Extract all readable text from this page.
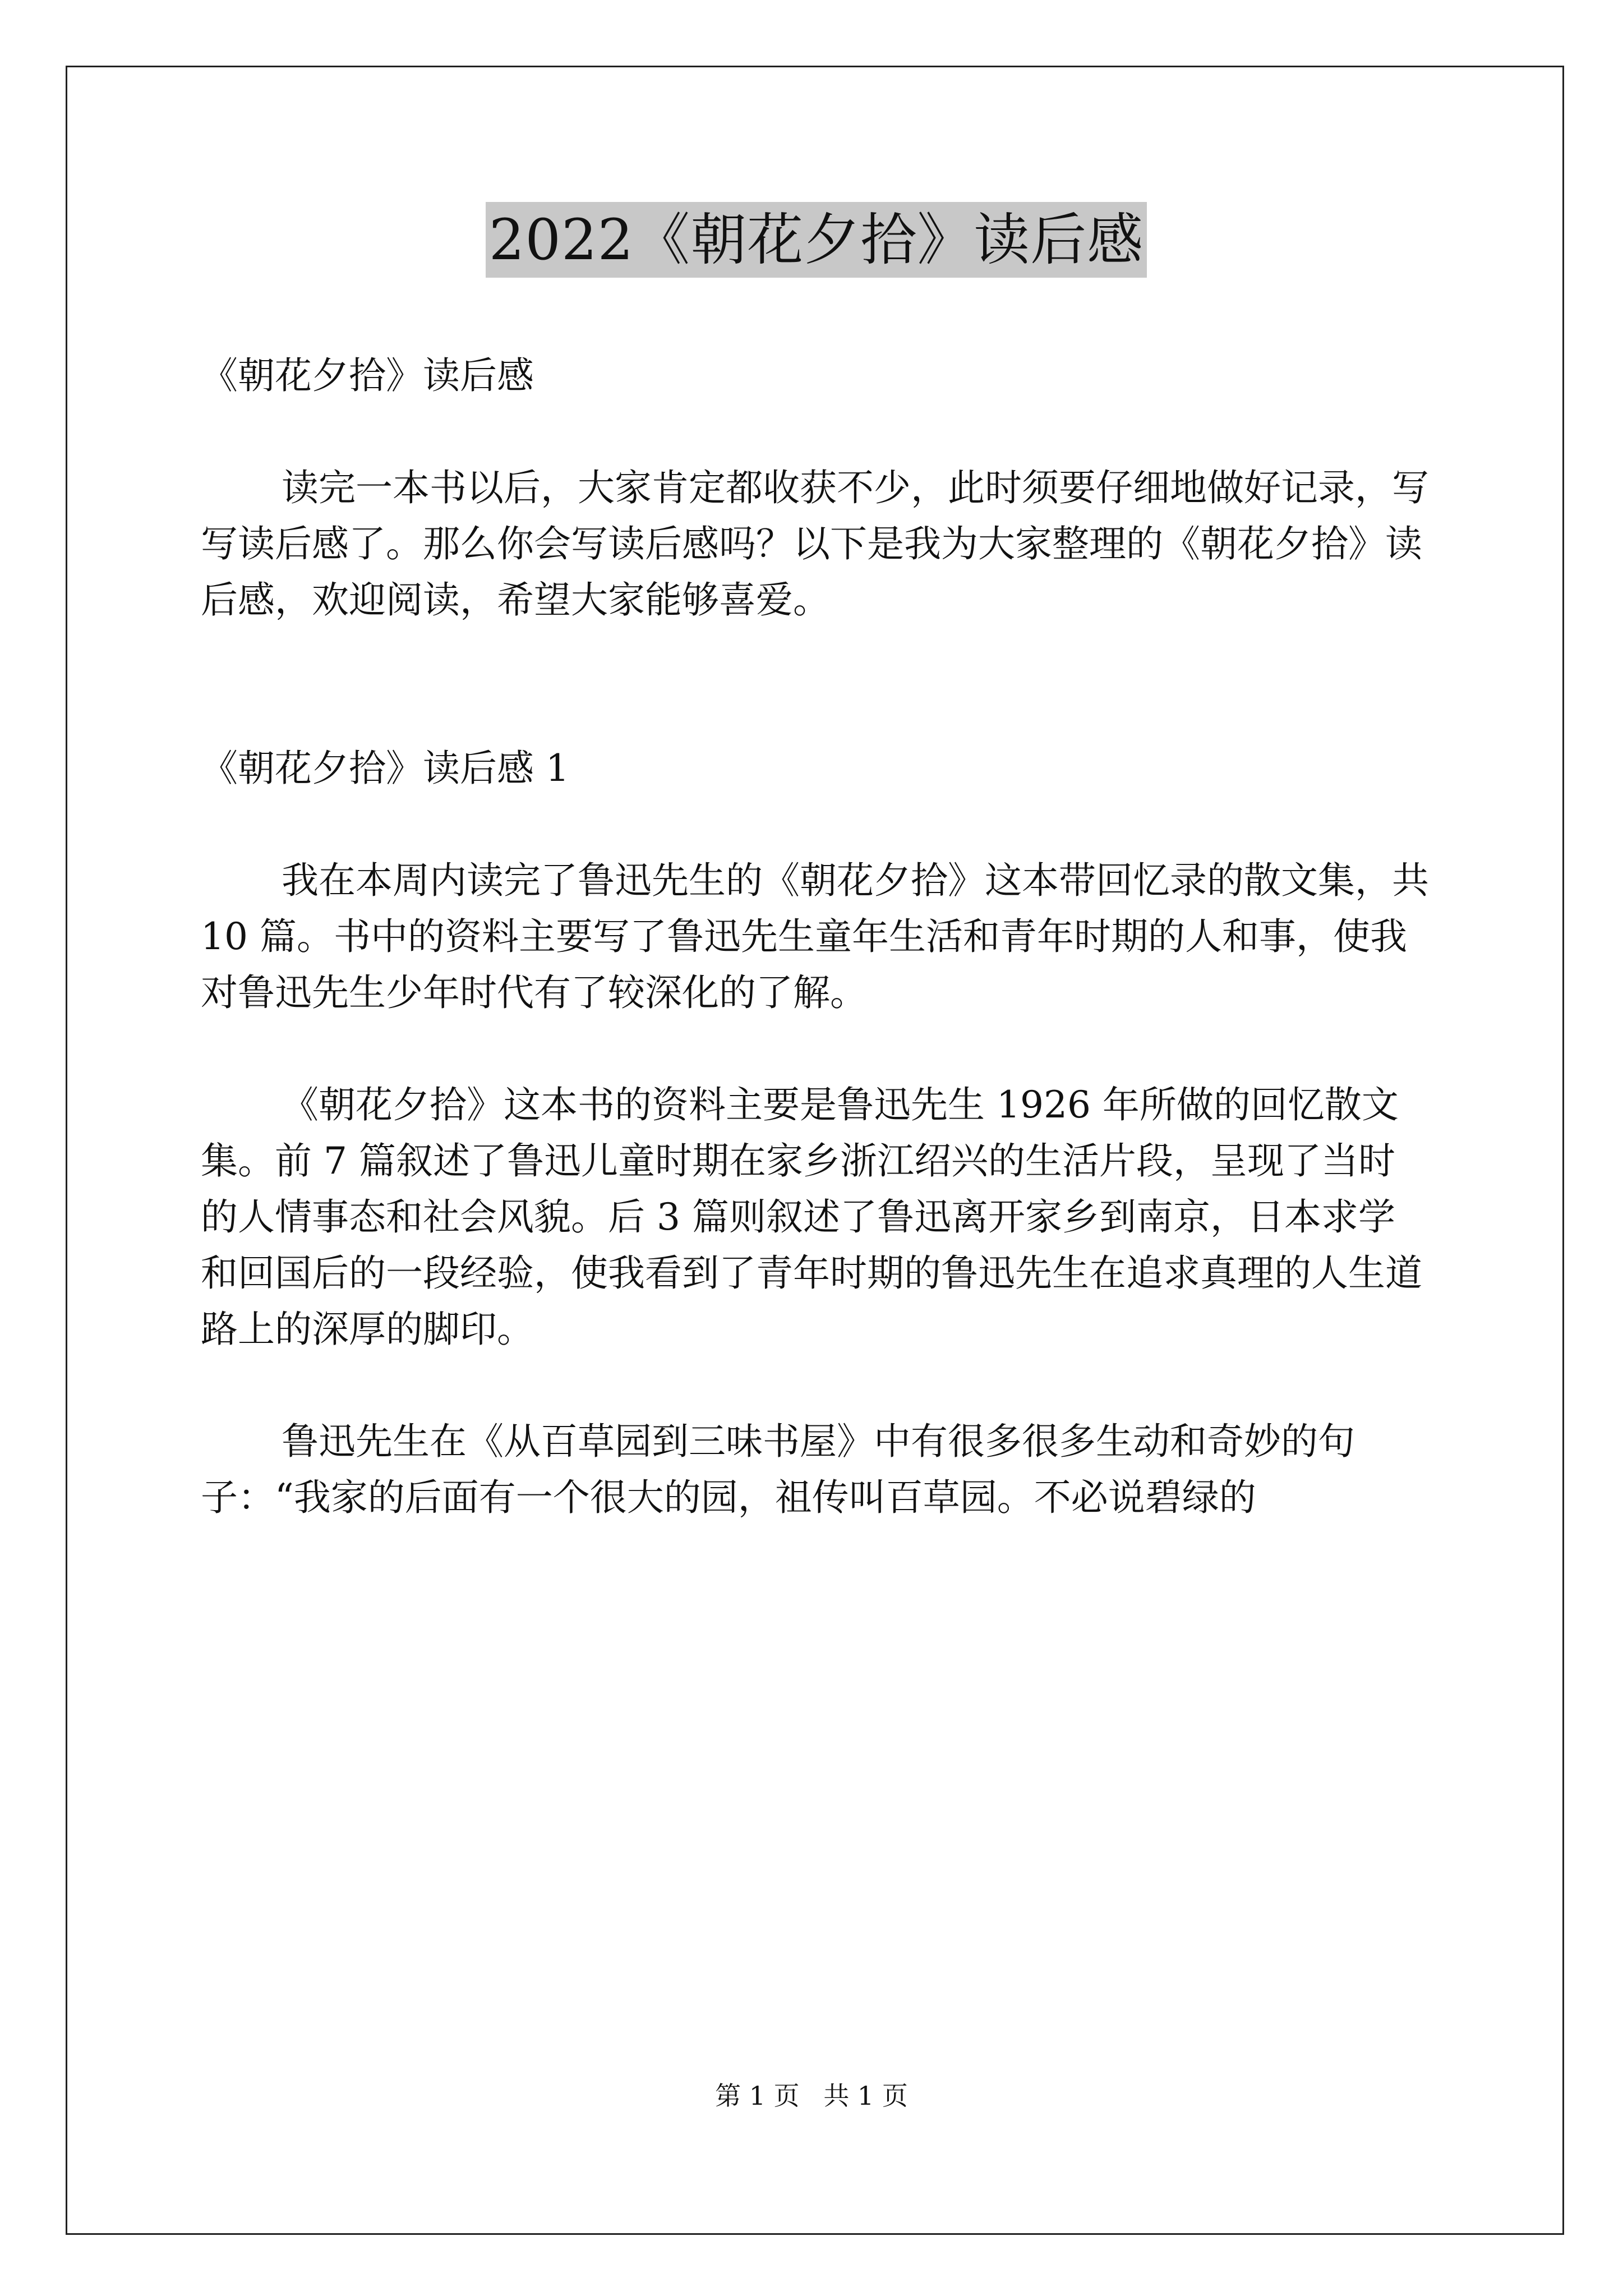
2022《朝花夕拾》读后感
《朝花夕拾》读后感

读完一本书以后，大家肯定都收获不少，此时须要仔细地做好记录，写写读后感了。那么你会写读后感吗？以下是我为大家整理的《朝花夕拾》读后感，欢迎阅读，希望大家能够喜爱。

《朝花夕拾》读后感 1

我在本周内读完了鲁迅先生的《朝花夕拾》这本带回忆录的散文集，共 10 篇。书中的资料主要写了鲁迅先生童年生活和青年时期的人和事，使我对鲁迅先生少年时代有了较深化的了解。

《朝花夕拾》这本书的资料主要是鲁迅先生 1926 年所做的回忆散文集。前 7 篇叙述了鲁迅儿童时期在家乡浙江绍兴的生活片段，呈现了当时的人情事态和社会风貌。后 3 篇则叙述了鲁迅离开家乡到南京，日本求学和回国后的一段经验，使我看到了青年时期的鲁迅先生在追求真理的人生道路上的深厚的脚印。

鲁迅先生在《从百草园到三味书屋》中有很多很多生动和奇妙的句子：“我家的后面有一个很大的园，祖传叫百草园。不必说碧绿的

第 1 页 共 1 页
